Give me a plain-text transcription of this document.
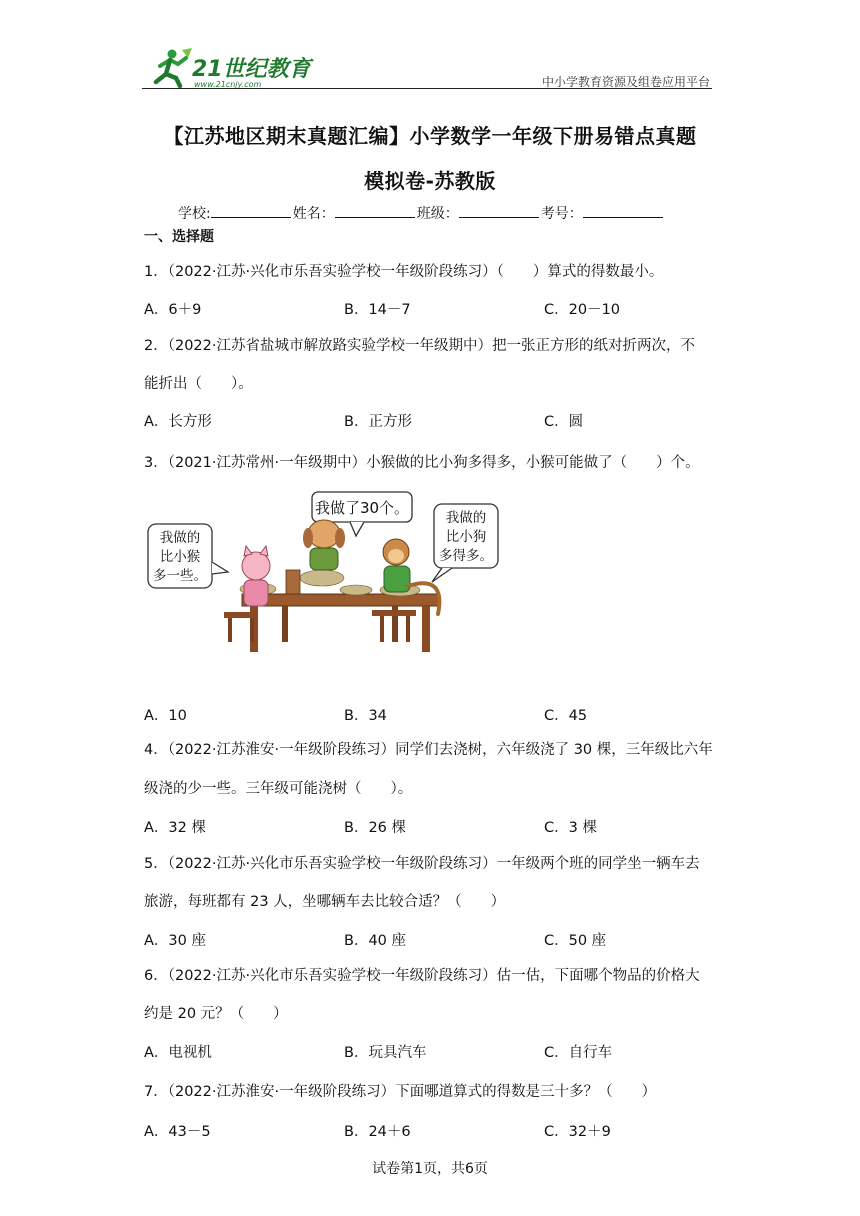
21世纪教育
www.21cnjy.com	中小学教育资源及组卷应用平台
【江苏地区期末真题汇编】小学数学一年级下册易错点真题
模拟卷-苏教版
学校:	姓名：	班级：	考号：
一、选择题
1．（2022·江苏·兴化市乐吾实验学校一年级阶段练习）（　　）算式的得数最小。
A．6＋9	B．14－7	C．20－10
2．（2022·江苏省盐城市解放路实验学校一年级期中）把一张正方形的纸对折两次，不
能折出（　　）。
A．长方形	B．正方形	C．圆
3．（2021·江苏常州·一年级期中）小猴做的比小狗多得多，小猴可能做了（　　）个。
我做了30个。
我做的
比小猴
多一些。
我做的
比小狗
多得多。
A．10	B．34	C．45
4．（2022·江苏淮安·一年级阶段练习）同学们去浇树，六年级浇了 30 棵，三年级比六年
级浇的少一些。三年级可能浇树（　　）。
A．32 棵	B．26 棵	C．3 棵
5．（2022·江苏·兴化市乐吾实验学校一年级阶段练习）一年级两个班的同学坐一辆车去
旅游，每班都有 23 人，坐哪辆车去比较合适？（　　）
A．30 座	B．40 座	C．50 座
6．（2022·江苏·兴化市乐吾实验学校一年级阶段练习）估一估，下面哪个物品的价格大
约是 20 元？（　　）
A．电视机	B．玩具汽车	C．自行车
7．（2022·江苏淮安·一年级阶段练习）下面哪道算式的得数是三十多？（　　）
A．43－5	B．24＋6	C．32＋9
试卷第1页，共6页
